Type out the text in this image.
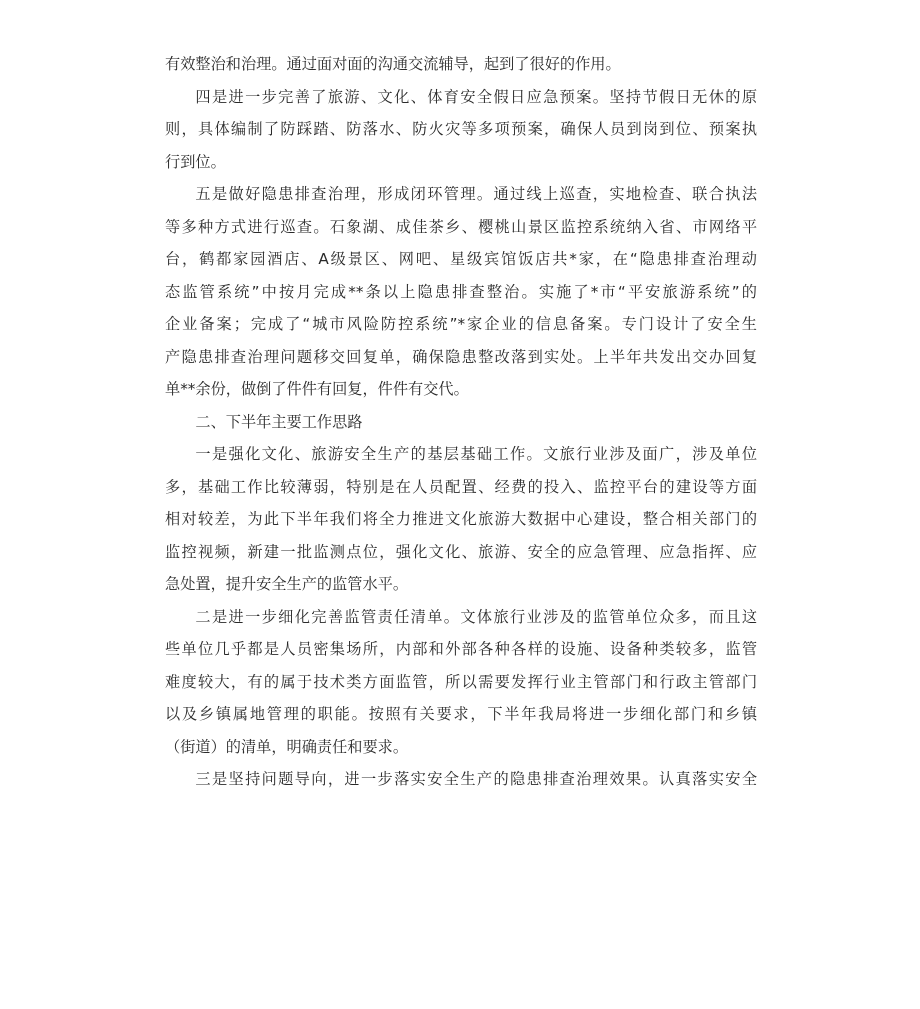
有效整治和治理。通过面对面的沟通交流辅导，起到了很好的作用。
四是进一步完善了旅游、文化、体育安全假日应急预案。坚持节假日无休的原
则，具体编制了防踩踏、防落水、防火灾等多项预案，确保人员到岗到位、预案执
行到位。
五是做好隐患排查治理，形成闭环管理。通过线上巡查，实地检查、联合执法
等多种方式进行巡查。石象湖、成佳茶乡、樱桃山景区监控系统纳入省、市网络平
台，鹤都家园酒店、A级景区、网吧、星级宾馆饭店共*家，在“隐患排查治理动
态监管系统”中按月完成**条以上隐患排查整治。实施了*市“平安旅游系统”的
企业备案；完成了“城市风险防控系统”*家企业的信息备案。专门设计了安全生
产隐患排查治理问题移交回复单，确保隐患整改落到实处。上半年共发出交办回复
单**余份，做倒了件件有回复，件件有交代。
二、下半年主要工作思路
一是强化文化、旅游安全生产的基层基础工作。文旅行业涉及面广，涉及单位
多，基础工作比较薄弱，特别是在人员配置、经费的投入、监控平台的建设等方面
相对较差，为此下半年我们将全力推进文化旅游大数据中心建设，整合相关部门的
监控视频，新建一批监测点位，强化文化、旅游、安全的应急管理、应急指挥、应
急处置，提升安全生产的监管水平。
二是进一步细化完善监管责任清单。文体旅行业涉及的监管单位众多，而且这
些单位几乎都是人员密集场所，内部和外部各种各样的设施、设备种类较多，监管
难度较大，有的属于技术类方面监管，所以需要发挥行业主管部门和行政主管部门
以及乡镇属地管理的职能。按照有关要求，下半年我局将进一步细化部门和乡镇
（街道）的清单，明确责任和要求。
三是坚持问题导向，进一步落实安全生产的隐患排查治理效果。认真落实安全
